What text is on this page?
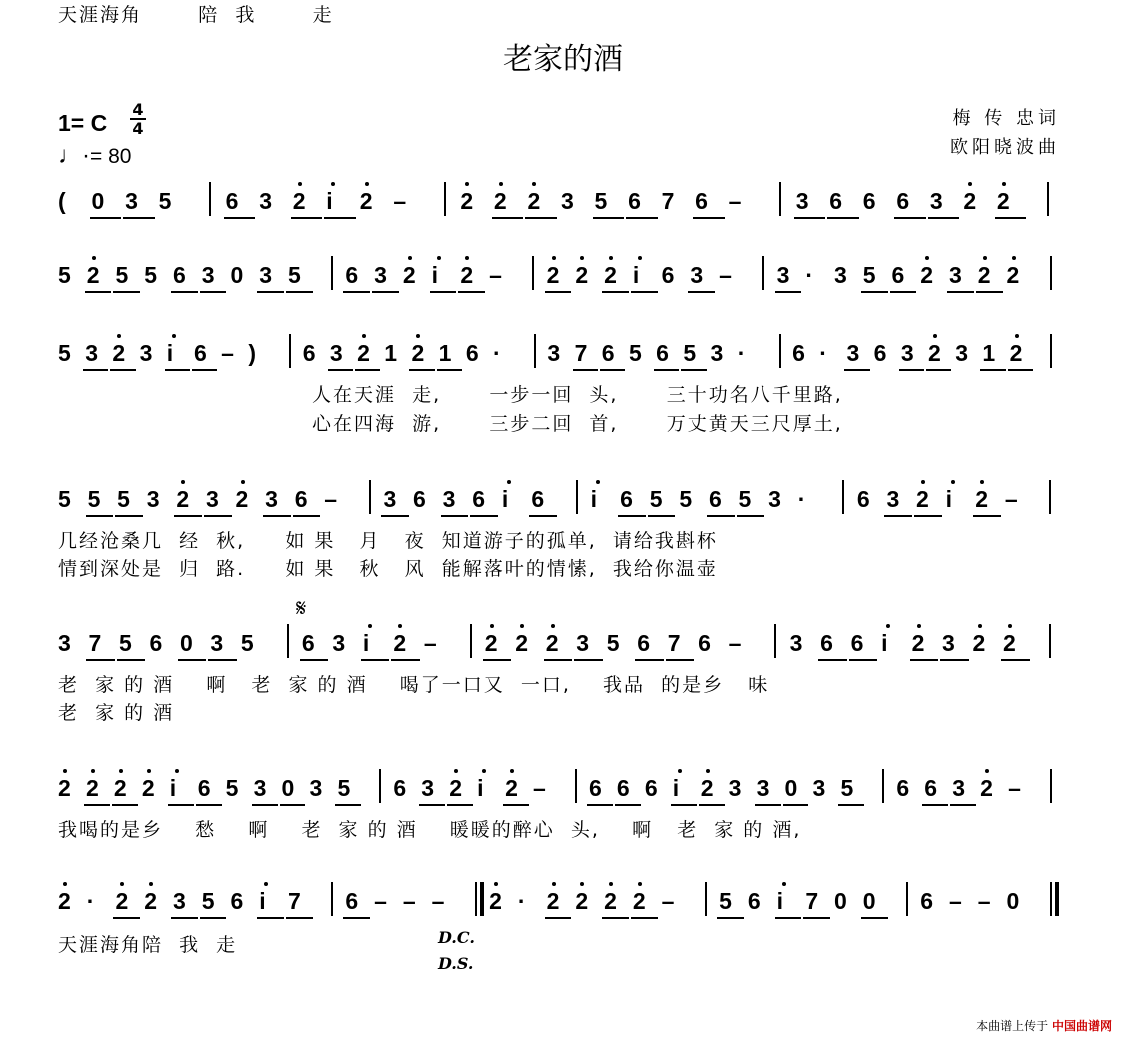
老家的酒
1= C
4
4
♩·= 80
梅 传 忠词
欧阳晓波曲
𝄋
( 0 3 5 6 3 2 i 2 – 2 2 2 3 5 6 7 6 – 3 6 6 6 3 2 2
5 2 5 5 6 3 0 3 5 6 3 2 i 2 – 2 2 2 i 6 3 – 3 · 3 5 6 2 3 2 2
5 3 2 3 i 6 – ) 6 3 2 1 2 1 6 · 3 7 6 5 6 5 3 · 6 · 3 6 3 2 3 1 2
人在天涯  走,      一步一回  头,      三十功名八千里路,
心在四海  游,      三步二回  首,      万丈黄天三尺厚土,
5 5 5 3 2 3 2 3 6 – 3 6 3 6 i 6 i 6 5 5 6 5 3 · 6 3 2 i 2 –
几经沧桑几  经  秋,     如 果   月   夜  知道游子的孤单,  请给我斟杯
情到深处是  归  路.     如 果   秋   风  能解落叶的情愫,  我给你温壶
3 7 5 6 0 3 5 6 3 i 2 – 2 2 2 3 5 6 7 6 – 3 6 6 i 2 3 2 2
老  家 的 酒    啊   老  家 的 酒    喝了一口又  一口,    我品  的是乡   味
老  家 的 酒
2 2 2 2 i 6 5 3 0 3 5 6 3 2 i 2 – 6 6 6 i 2 3 3 0 3 5 6 6 3 2 –
我喝的是乡    愁    啊    老  家 的 酒    暖暖的醉心  头,    啊   老  家 的 酒,
2 · 2 2 3 5 6 i 7 6 – – – 2 · 2 2 2 2 – 5 6 i 7 0 0 6 – – 0
天涯海角陪  我  走
天涯海角       陪  我       走
D.C.
D.S.
本曲谱上传于 中国曲谱网
